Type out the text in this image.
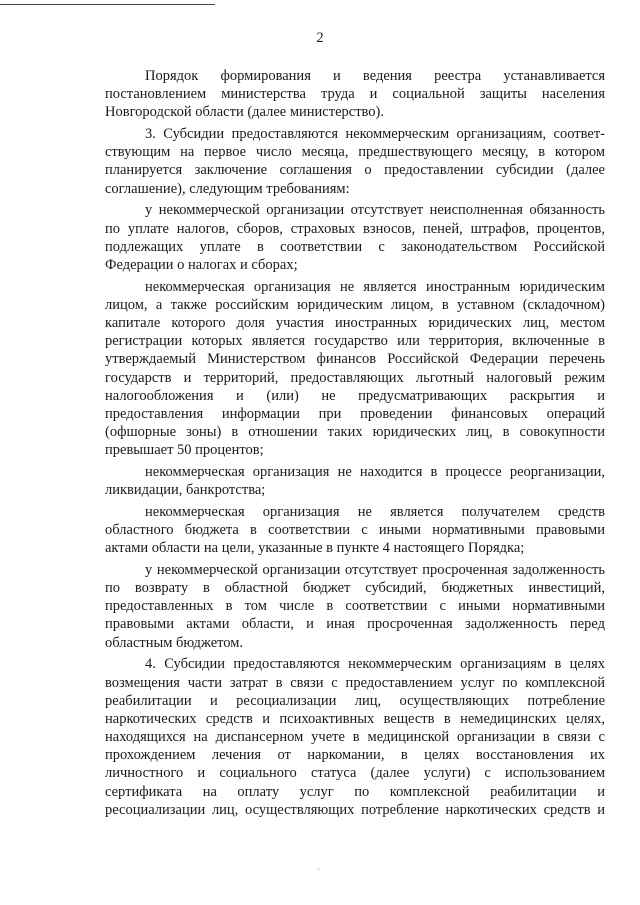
2
Порядок формирования и ведения реестра устанавливается
постановлением министерства труда и социальной защиты населения
Новгородской области (далее министерство).
3. Субсидии предоставляются некоммерческим организациям, соответ-
ствующим на первое число месяца, предшествующего месяцу, в котором
планируется заключение соглашения о предоставлении субсидии (далее
соглашение), следующим требованиям:
у некоммерческой организации отсутствует неисполненная обязанность
по уплате налогов, сборов, страховых взносов, пеней, штрафов, процентов,
подлежащих уплате в соответствии с законодательством Российской
Федерации о налогах и сборах;
некоммерческая организация не является иностранным юридическим
лицом, а также российским юридическим лицом, в уставном (складочном)
капитале которого доля участия иностранных юридических лиц, местом
регистрации которых является государство или территория, включенные в
утверждаемый Министерством финансов Российской Федерации перечень
государств и территорий, предоставляющих льготный налоговый режим
налогообложения и (или) не предусматривающих раскрытия и
предоставления информации при проведении финансовых операций
(офшорные зоны) в отношении таких юридических лиц, в совокупности
превышает 50 процентов;
некоммерческая организация не находится в процессе реорганизации,
ликвидации, банкротства;
некоммерческая организация не является получателем средств
областного бюджета в соответствии с иными нормативными правовыми
актами области на цели, указанные в пункте 4 настоящего Порядка;
у некоммерческой организации отсутствует просроченная задолженность
по возврату в областной бюджет субсидий, бюджетных инвестиций,
предоставленных в том числе в соответствии с иными нормативными
правовыми актами области, и иная просроченная задолженность перед
областным бюджетом.
4. Субсидии предоставляются некоммерческим организациям в целях
возмещения части затрат в связи с предоставлением услуг по комплексной
реабилитации и ресоциализации лиц, осуществляющих потребление
наркотических средств и психоактивных веществ в немедицинских целях,
находящихся на диспансерном учете в медицинской организации в связи с
прохождением лечения от наркомании, в целях восстановления их
личностного и социального статуса (далее услуги) с использованием
сертификата на оплату услуг по комплексной реабилитации и
ресоциализации лиц, осуществляющих потребление наркотических средств и
'
